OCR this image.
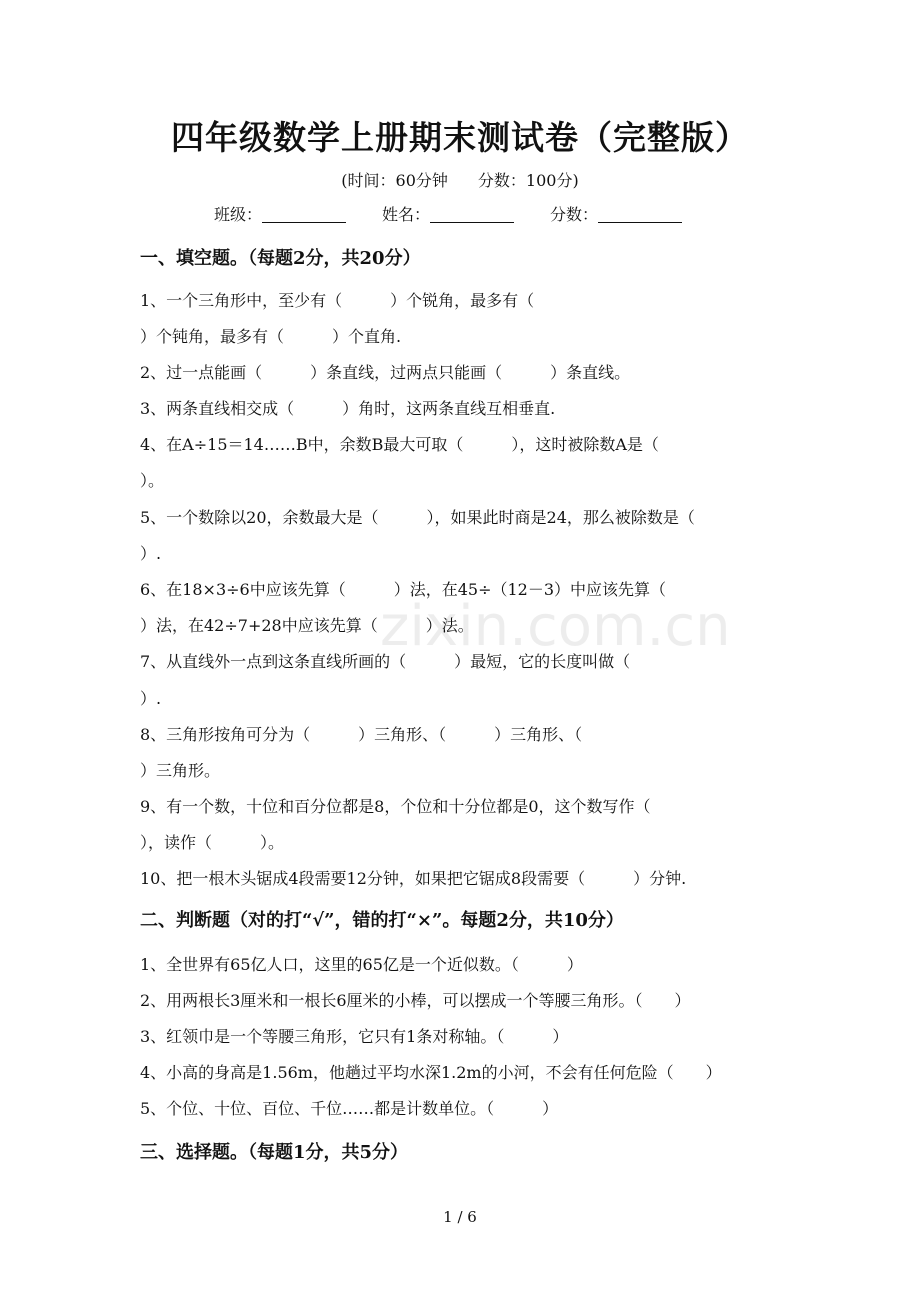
四年级数学上册期末测试卷（完整版）
(时间：60分钟 分数：100分)
班级：	姓名：	分数：
一、填空题。（每题2分，共20分）
1、一个三角形中，至少有（　　　）个锐角，最多有（
）个钝角，最多有（　　　）个直角.
2、过一点能画（　　　）条直线，过两点只能画（　　　）条直线。
3、两条直线相交成（　　　）角时，这两条直线互相垂直.
4、在A÷15＝14……B中，余数B最大可取（　　　），这时被除数A是（
）。
5、一个数除以20，余数最大是（　　　），如果此时商是24，那么被除数是（
）.
6、在18×3÷6中应该先算（　　　）法，在45÷（12－3）中应该先算（
）法，在42÷7+28中应该先算（　　　）法。
7、从直线外一点到这条直线所画的（　　　）最短，它的长度叫做（
）.
8、三角形按角可分为（　　　）三角形、（　　　）三角形、（
）三角形。
9、有一个数，十位和百分位都是8，个位和十分位都是0，这个数写作（
），读作（　　　）。
10、把一根木头锯成4段需要12分钟，如果把它锯成8段需要（　　　）分钟.
二、判断题（对的打“√”，错的打“×”。每题2分，共10分）
1、全世界有65亿人口，这里的65亿是一个近似数。（　　　）
2、用两根长3厘米和一根长6厘米的小棒，可以摆成一个等腰三角形。（　　）
3、红领巾是一个等腰三角形，它只有1条对称轴。（　　　）
4、小高的身高是1.56m，他趟过平均水深1.2m的小河，不会有任何危险（　　）
5、个位、十位、百位、千位……都是计数单位。（　　　）
三、选择题。（每题1分，共5分）
zixin.com.cn
1 / 6
